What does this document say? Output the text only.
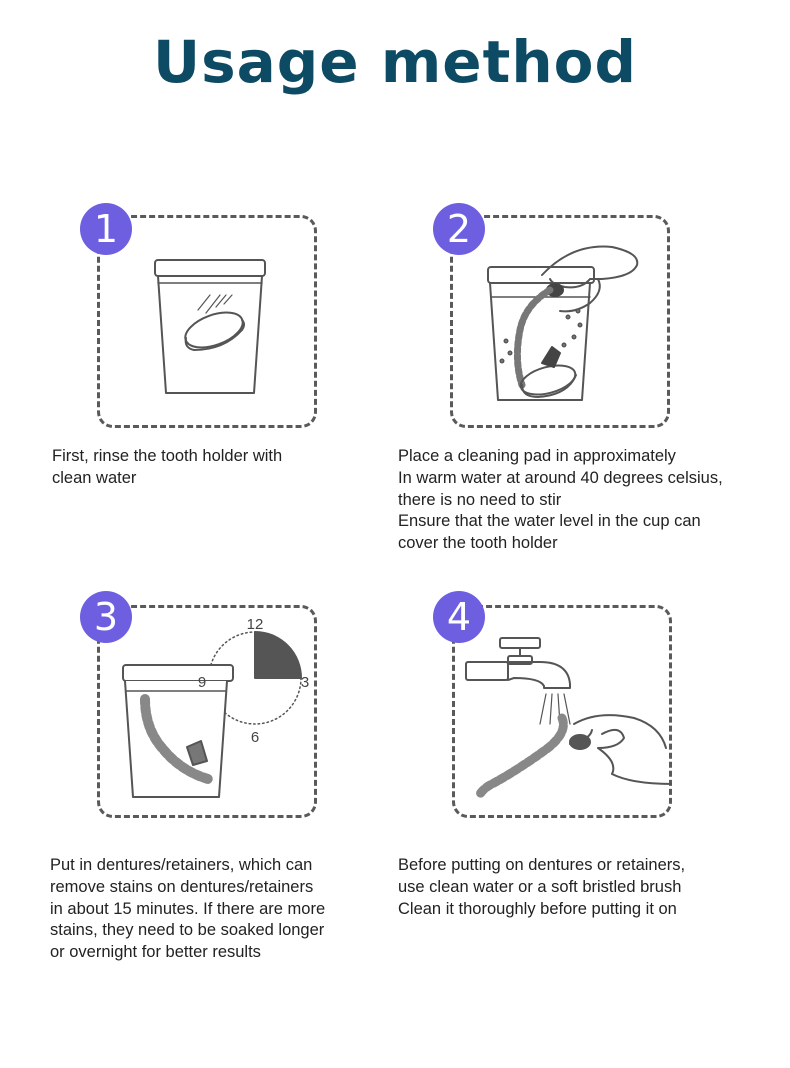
Usage method
1
First, rinse the tooth holder with
clean water
2
Place a cleaning pad in approximately
In warm water at around 40 degrees celsius,
there is no need to stir
Ensure that the water level in the cup can
cover the tooth holder
3	12
3
6
9
Put in dentures/retainers, which can
remove stains on dentures/retainers
in about 15 minutes. If there are more
stains, they need to be soaked longer
or overnight for better results
4
Before putting on dentures or retainers,
use clean water or a soft bristled brush
Clean it thoroughly before putting it on
